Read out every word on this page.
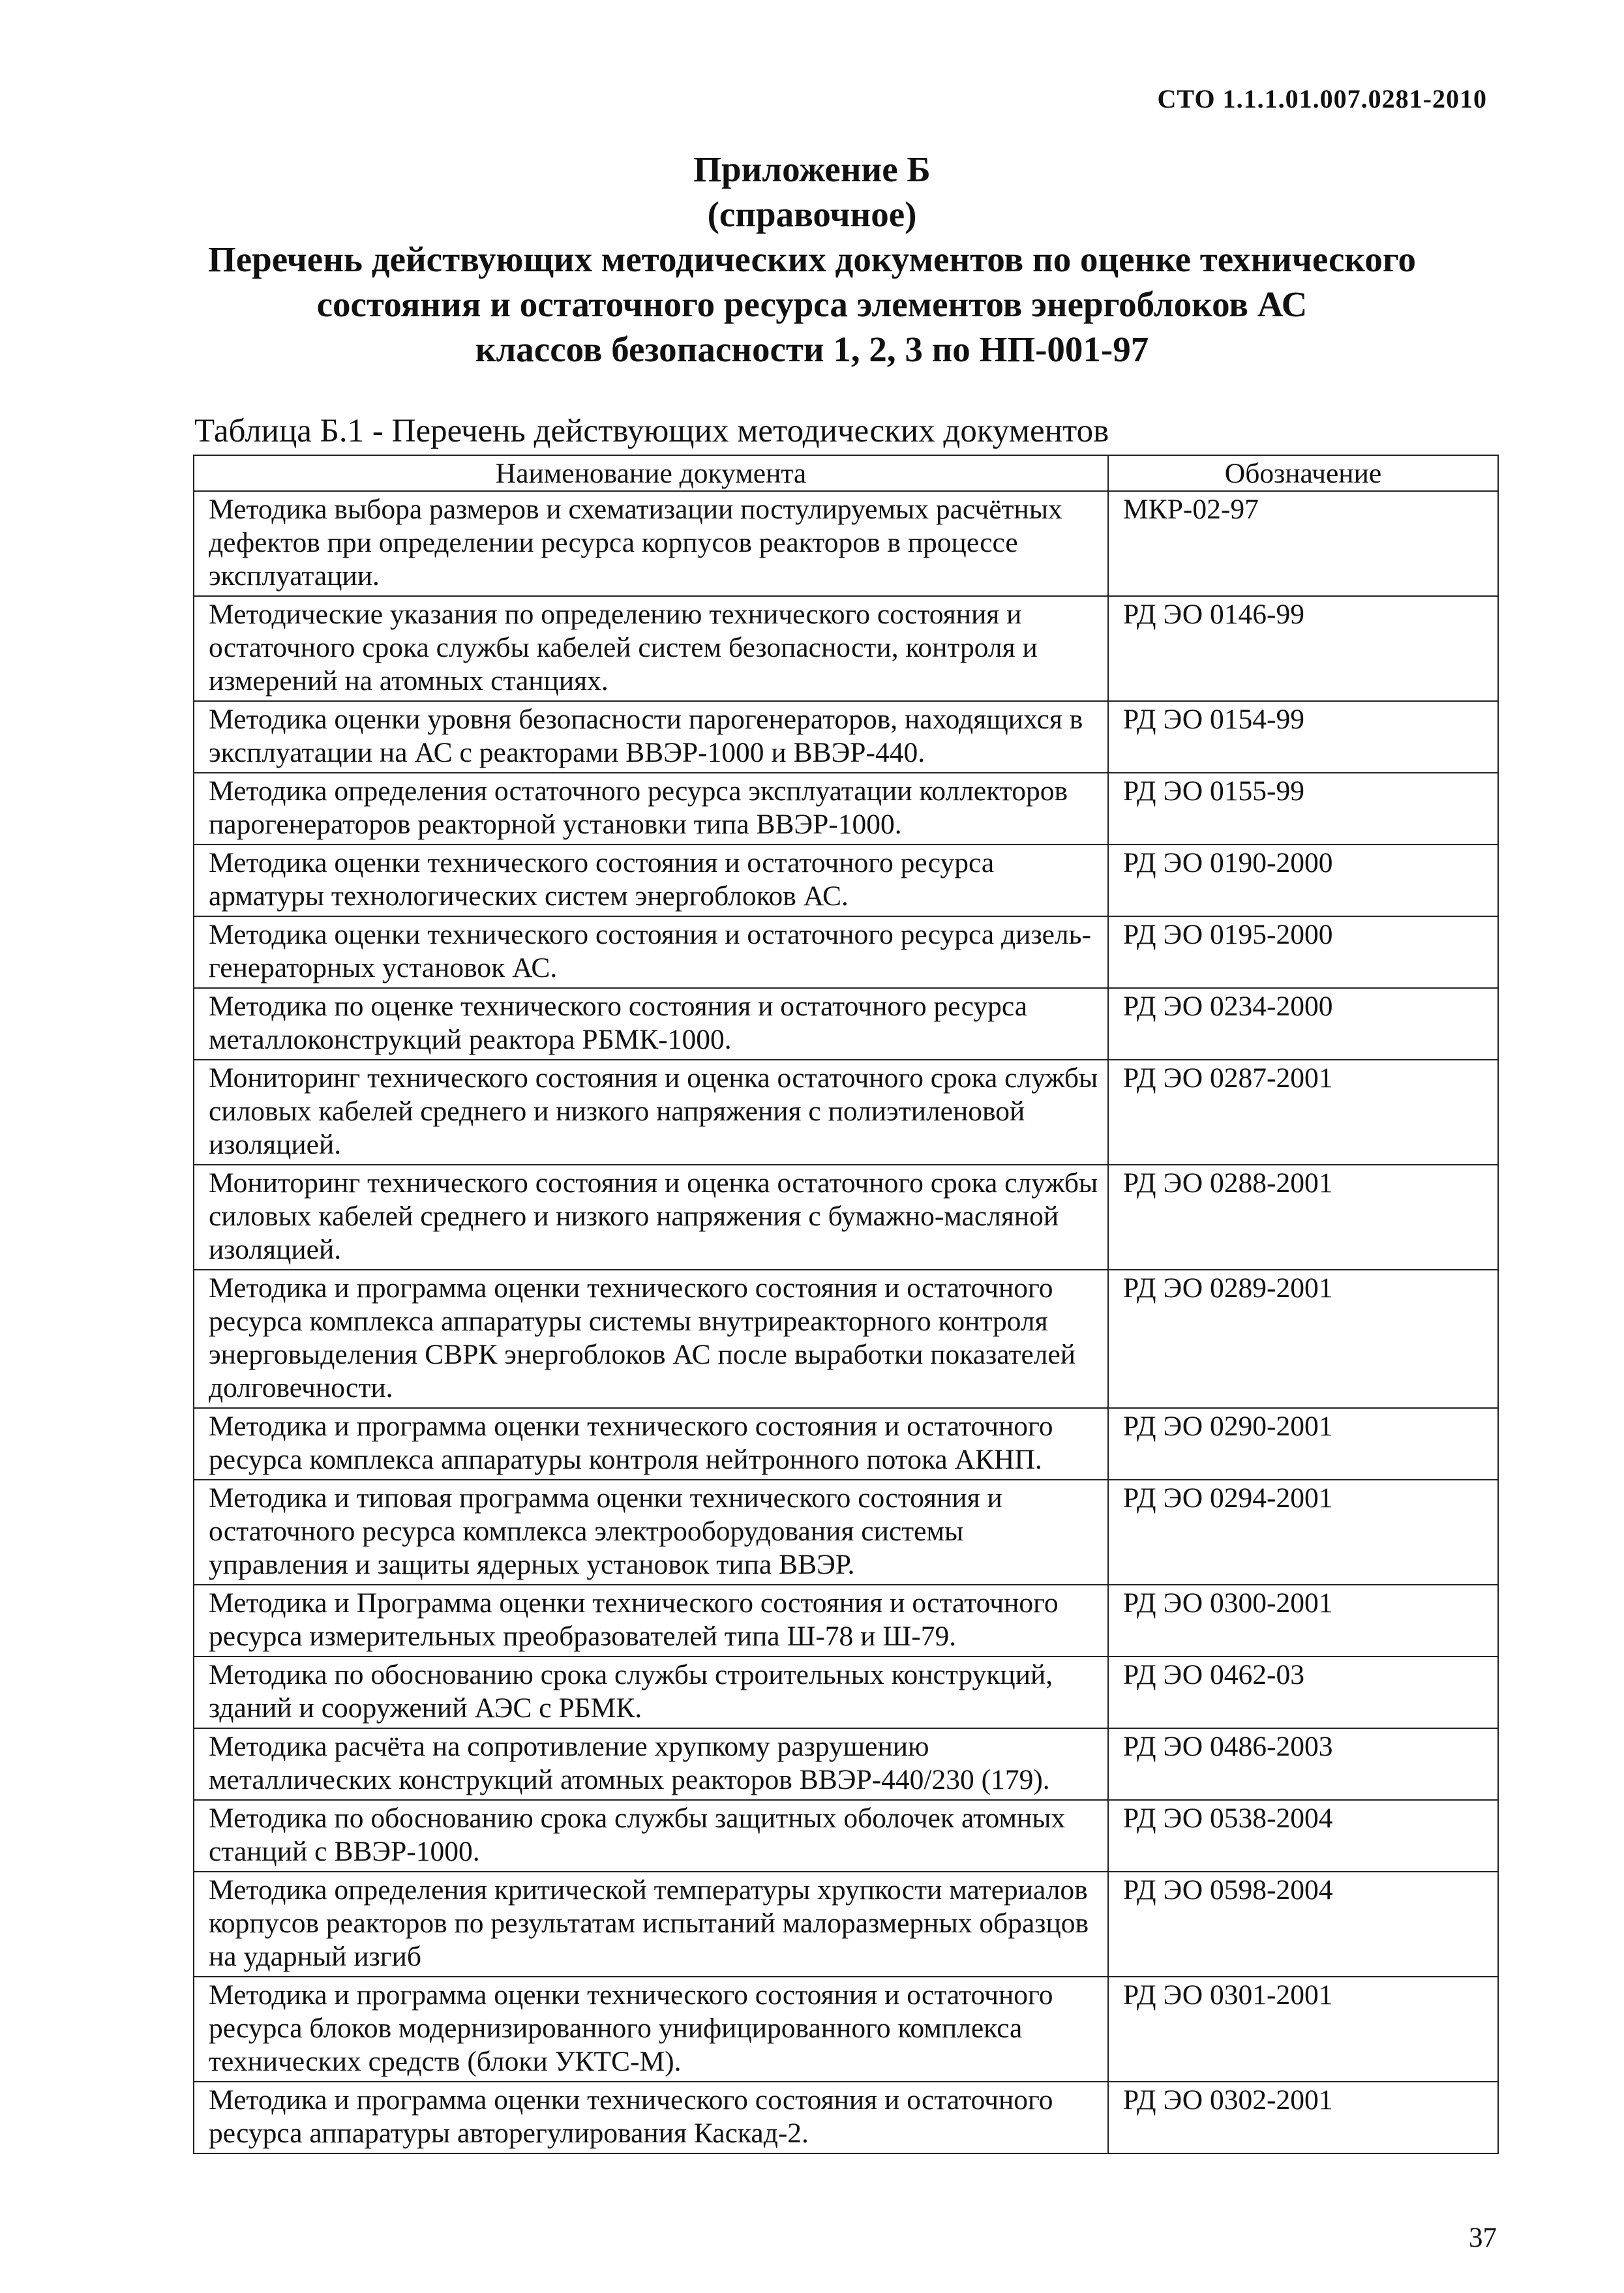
СТО 1.1.1.01.007.0281-2010
Приложение Б
(справочное)
Перечень действующих методических документов по оценке технического
состояния и остаточного ресурса элементов энергоблоков АС
классов безопасности 1, 2, 3 по НП-001-97
Таблица Б.1 - Перечень действующих методических документов
Наименование документа	Обозначение
Методика выбора размеров и схематизации постулируемых расчётных дефектов при определении ресурса корпусов реакторов в процессе эксплуатации.	МКР-02-97
Методические указания по определению технического состояния и остаточного срока службы кабелей систем безопасности, контроля и измерений на атомных станциях.	РД ЭО 0146-99
Методика оценки уровня безопасности парогенераторов, находящихся в эксплуатации на АС с реакторами ВВЭР-1000 и ВВЭР-440.	РД ЭО 0154-99
Методика определения остаточного ресурса эксплуатации коллекторов парогенераторов реакторной установки типа ВВЭР-1000.	РД ЭО 0155-99
Методика оценки технического состояния и остаточного ресурса арматуры технологических систем энергоблоков АС.	РД ЭО 0190-2000
Методика оценки технического состояния и остаточного ресурса дизель-генераторных установок АС.	РД ЭО 0195-2000
Методика по оценке технического состояния и остаточного ресурса металлоконструкций реактора РБМК-1000.	РД ЭО 0234-2000
Мониторинг технического состояния и оценка остаточного срока службы силовых кабелей среднего и низкого напряжения с полиэтиленовой изоляцией.	РД ЭО 0287-2001
Мониторинг технического состояния и оценка остаточного срока службы силовых кабелей среднего и низкого напряжения с бумажно-масляной изоляцией.	РД ЭО 0288-2001
Методика и программа оценки технического состояния и остаточного ресурса комплекса аппаратуры системы внутриреакторного контроля энерговыделения СВРК энергоблоков АС после выработки показателей долговечности.	РД ЭО 0289-2001
Методика и программа оценки технического состояния и остаточного ресурса комплекса аппаратуры контроля нейтронного потока АКНП.	РД ЭО 0290-2001
Методика и типовая программа оценки технического состояния и остаточного ресурса комплекса электрооборудования системы управления и защиты ядерных установок типа ВВЭР.	РД ЭО 0294-2001
Методика и Программа оценки технического состояния и остаточного ресурса измерительных преобразователей типа Ш-78 и Ш-79.	РД ЭО 0300-2001
Методика по обоснованию срока службы строительных конструкций, зданий и сооружений АЭС с РБМК.	РД ЭО 0462-03
Методика расчёта на сопротивление хрупкому разрушению металлических конструкций атомных реакторов ВВЭР-440/230 (179).	РД ЭО 0486-2003
Методика по обоснованию срока службы защитных оболочек атомных станций с ВВЭР-1000.	РД ЭО 0538-2004
Методика определения критической температуры хрупкости материалов корпусов реакторов по результатам испытаний малоразмерных образцов на ударный изгиб	РД ЭО 0598-2004
Методика и программа оценки технического состояния и остаточного ресурса блоков модернизированного унифицированного комплекса технических средств (блоки УКТС-М).	РД ЭО 0301-2001
Методика и программа оценки технического состояния и остаточного ресурса аппаратуры авторегулирования Каскад-2.	РД ЭО 0302-2001
37
